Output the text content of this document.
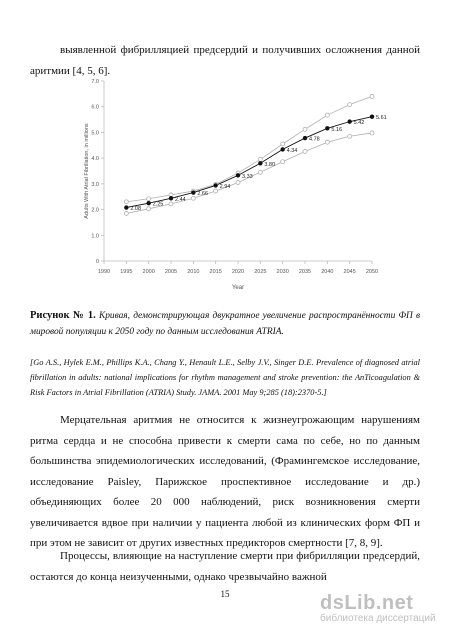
выявленной фибрилляцией предсердий и получивших осложнения данной аритмии [4, 5, 6].
1990 1995 2000 2005 2010 2015 2020 2025 2030 2035 2040 2045 2050
0
1.0
2.0
3.0
4.0
5.0
6.0
7.0
Year
Adults With Atrial Fibrillation, in millions	2.08
2.25
2.44
2.66
2.94
3.33
3.80
4.34
4.78
5.16
5.42
5.61
Рисунок № 1. Кривая, демонстрирующая двукратное увеличение распространённости ФП в мировой популяции к 2050 году по данным исследования ATRIA.
[Go A.S., Hylek E.M., Phillips K.A., Chang Y., Henault L.E., Selby J.V., Singer D.E. Prevalence of diagnosed atrial fibrillation in adults: national implications for rhythm management and stroke prevention: the AnTicoagulation & Risk Factors in Atrial Fibrillation (ATRIA) Study. JAMA. 2001 May 9;285 (18):2370-5.]
Мерцательная аритмия не относится к жизнеугрожающим нарушениям ритма сердца и не способна привести к смерти сама по себе, но по данным большинства эпидемиологических исследований, (Фрамингемское исследование, исследование Paisley, Парижское проспективное исследование и др.) объединяющих более 20 000 наблюдений, риск возникновения смерти увеличивается вдвое при наличии у пациента любой из клинических форм ФП и при этом не зависит от других известных предикторов смертности [7, 8, 9].
Процессы, влияющие на наступление смерти при фибрилляции предсердий, остаются до конца неизученными, однако чрезвычайно важной
15	dsLib.net
библиотека диссертаций
